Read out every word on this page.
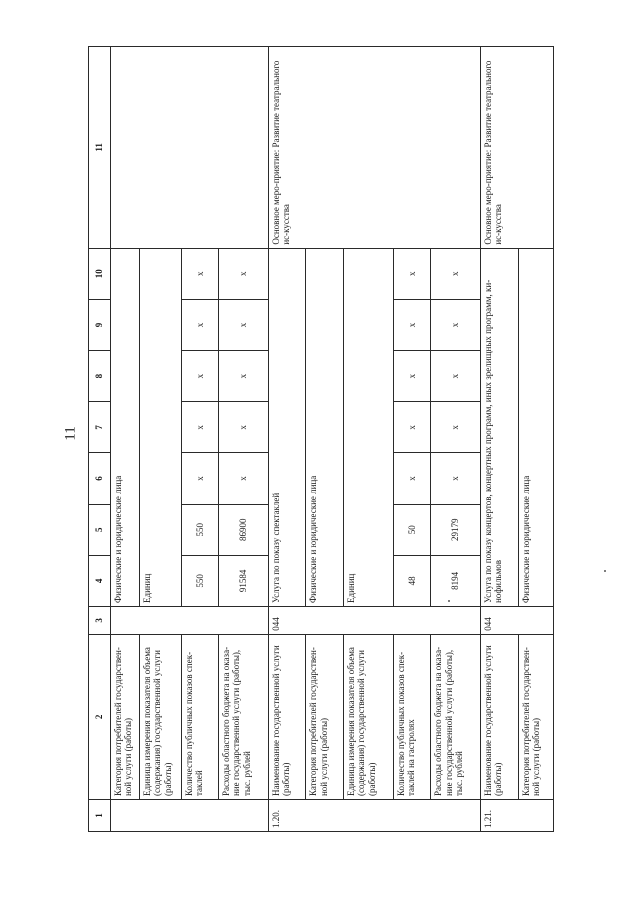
11
1	2	3	4	5	6	7	8	9	10	11
	Категория потребителей государствен-ной услуги (работы)		Физические и юридические лица							
	Единица измерения показателя объема (содержания) государственной услуги (работы)		Единиц							
	Количество публичных показов спек-таклей		550	550	х	х	х	х	х	
	Расходы областного бюджета на оказа-ние государственной услуги (работы), тыс. рублей		91584	86900	х	х	х	х	х	
1.20.	Наименование государственной услуги (работы)	044	Услуга по показу спектаклей							Основное меро-приятие: Развитие театрального ис-кусства
	Категория потребителей государствен-ной услуги (работы)		Физические и юридические лица							
	Единица измерения показателя объема (содержания) государственной услуги (работы)		Единиц							
	Количество публичных показов спек-таклей на гастролях		48	50	х	х	х	х	х	
	Расходы областного бюджета на оказа-ние государственной услуги (работы), тыс. рублей		8194	29179	х	х	х	х	х	
1.21.	Наименование государственной услуги (работы)	044	Услуга по показу концертов, концертных программ, иных зрелищных программ, ки-нофильмов							Основное меро-приятие: Развитие театрального ис-кусства
	Категория потребителей государствен-ной услуги (работы)		Физические и юридические лица							
